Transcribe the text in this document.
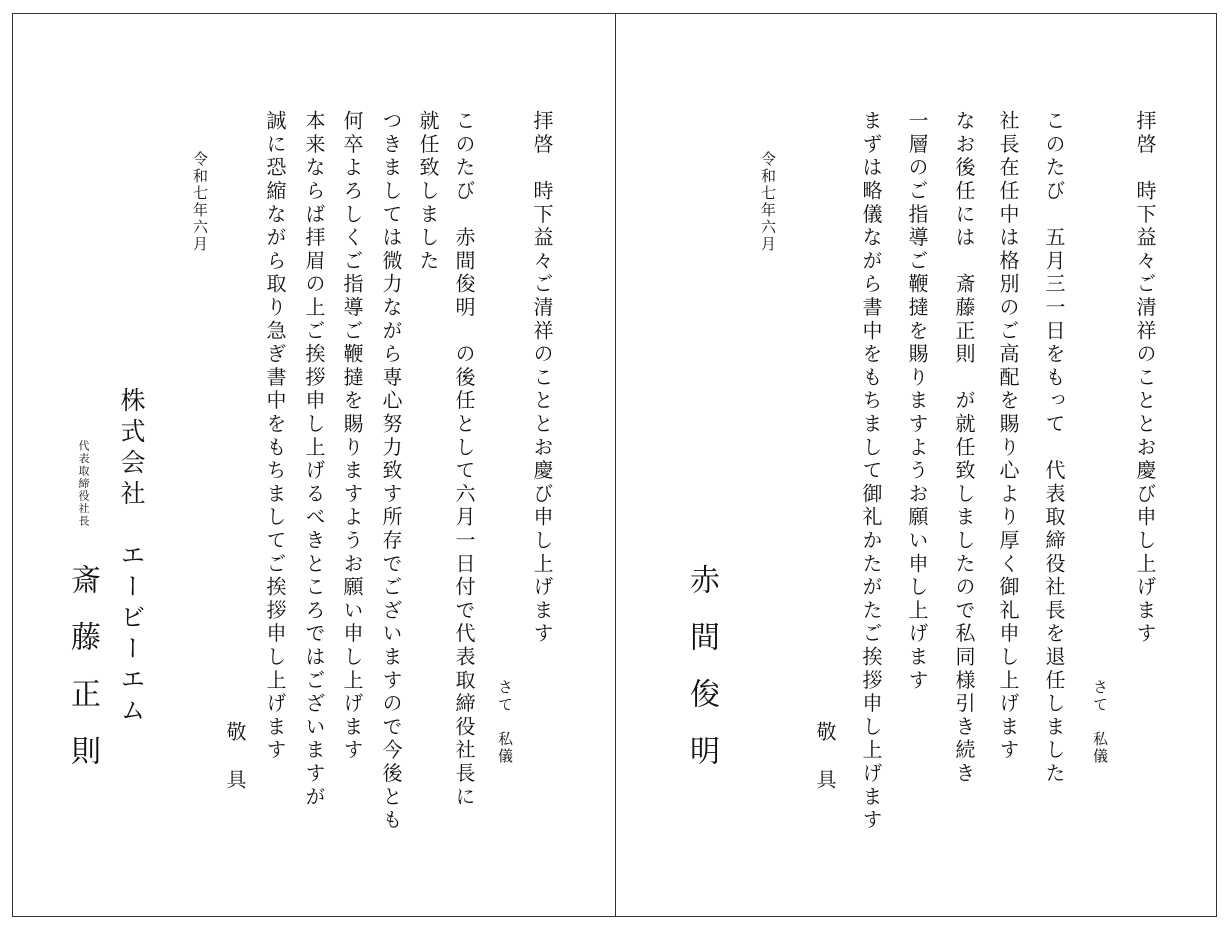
拝啓　時下益々ご清祥のこととお慶び申し上げます
さて　私儀
このたび　赤間俊明　の後任として六月一日付で代表取締役社長に
就任致しました
つきましては微力ながら専心努力致す所存でございますので今後とも
何卒よろしくご指導ご鞭撻を賜りますようお願い申し上げます
本来ならば拝眉の上ご挨拶申し上げるべきところではございますが
誠に恐縮ながら取り急ぎ書中をもちましてご挨拶申し上げます
敬具
令和七年六月
株式会社　エービーエム
代表取締役社長
斎藤正則
拝啓　時下益々ご清祥のこととお慶び申し上げます
さて　私儀
このたび　五月三一日をもって　代表取締役社長を退任しました
社長在任中は格別のご高配を賜り心より厚く御礼申し上げます
なお後任には　斎藤正則　が就任致しましたので私同様引き続き
一層のご指導ご鞭撻を賜りますようお願い申し上げます
まずは略儀ながら書中をもちまして御礼かたがたご挨拶申し上げます
敬具
令和七年六月
赤間俊明
